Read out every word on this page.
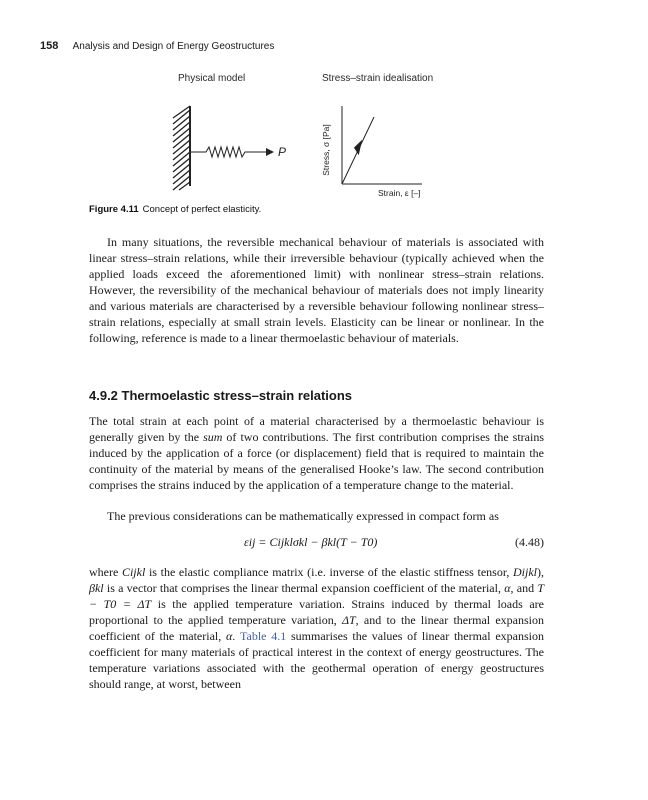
158 Analysis and Design of Energy Geostructures
Physical model	Stress–strain idealisation
P	Stress, σ [Pa]
Strain, ε [–]
Figure 4.11 Concept of perfect elasticity.

In many situations, the reversible mechanical behaviour of materials is associated with linear stress–strain relations, while their irreversible behaviour (typically achieved when the applied loads exceed the aforementioned limit) with nonlinear stress–strain relations. However, the reversibility of the mechanical behaviour of materials does not imply linearity and various materials are characterised by a reversible behaviour following nonlinear stress–strain relations, especially at small strain levels. Elasticity can be linear or nonlinear. In the following, reference is made to a linear thermoelastic behaviour of materials.

4.9.2 Thermoelastic stress–strain relations

The total strain at each point of a material characterised by a thermoelastic behaviour is generally given by the sum of two contributions. The first contribution comprises the strains induced by the application of a force (or displacement) field that is required to maintain the continuity of the material by means of the generalised Hooke’s law. The second contribution comprises the strains induced by the application of a temperature change to the material.

The previous considerations can be mathematically expressed in compact form as

εij = Cijklσkl − βkl(T − T0)	(4.48)

where Cijkl is the elastic compliance matrix (i.e. inverse of the elastic stiffness tensor, Dijkl), βkl is a vector that comprises the linear thermal expansion coefficient of the material, α, and T − T0 = ΔT is the applied temperature variation. Strains induced by thermal loads are proportional to the applied temperature variation, ΔT, and to the linear thermal expansion coefficient of the material, α. Table 4.1 summarises the values of linear thermal expansion coefficient for many materials of practical interest in the context of energy geostructures. The temperature variations associated with the geothermal operation of energy geostructures should range, at worst, between
